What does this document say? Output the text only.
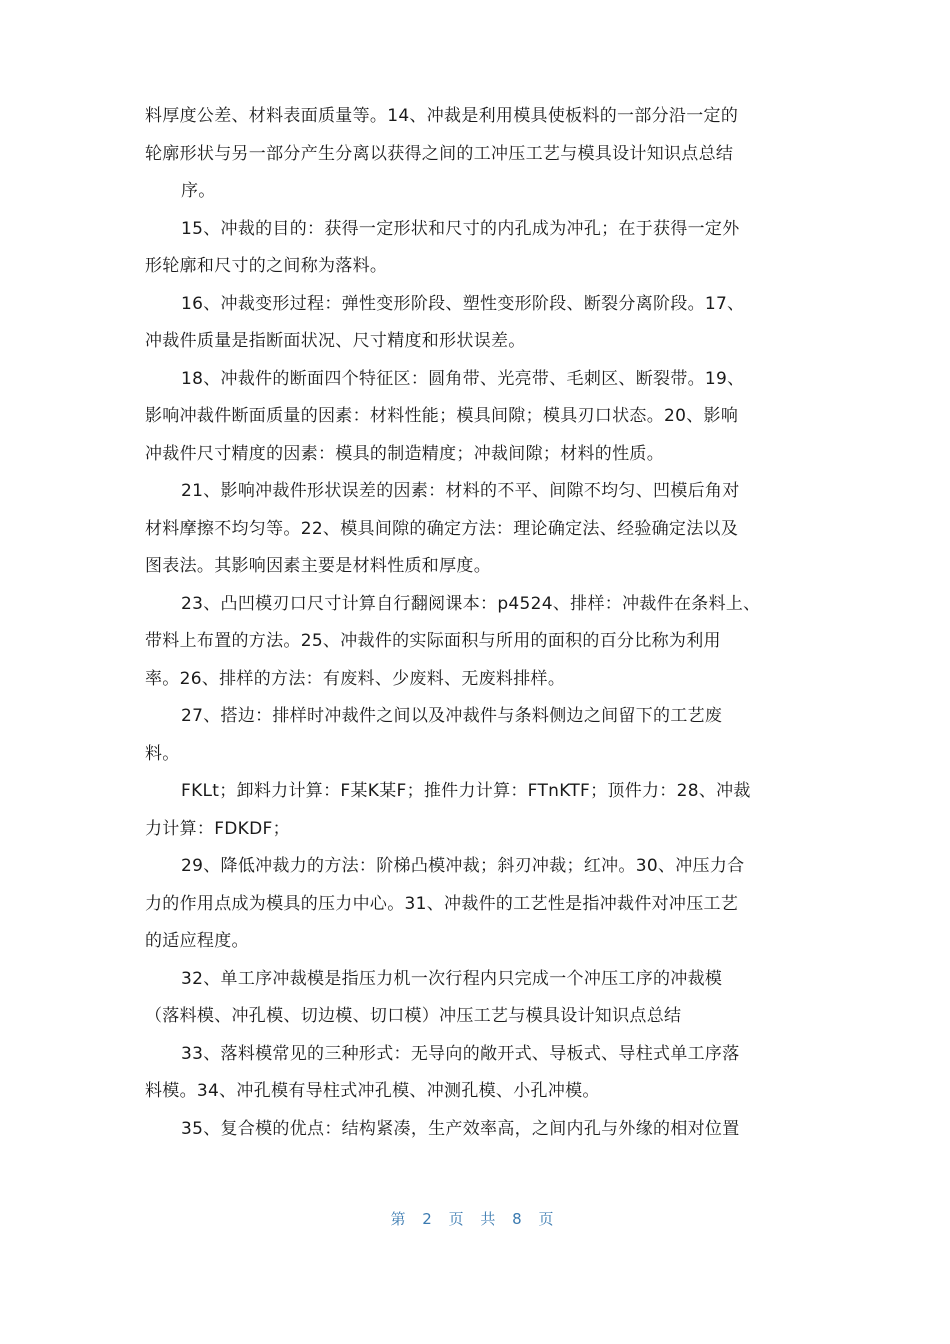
料厚度公差、材料表面质量等。14、冲裁是利用模具使板料的一部分沿一定的
轮廓形状与另一部分产生分离以获得之间的工冲压工艺与模具设计知识点总结
序。
15、冲裁的目的：获得一定形状和尺寸的内孔成为冲孔；在于获得一定外
形轮廓和尺寸的之间称为落料。
16、冲裁变形过程：弹性变形阶段、塑性变形阶段、断裂分离阶段。17、
冲裁件质量是指断面状况、尺寸精度和形状误差。
18、冲裁件的断面四个特征区：圆角带、光亮带、毛刺区、断裂带。19、
影响冲裁件断面质量的因素：材料性能；模具间隙；模具刃口状态。20、影响
冲裁件尺寸精度的因素：模具的制造精度；冲裁间隙；材料的性质。
21、影响冲裁件形状误差的因素：材料的不平、间隙不均匀、凹模后角对
材料摩擦不均匀等。22、模具间隙的确定方法：理论确定法、经验确定法以及
图表法。其影响因素主要是材料性质和厚度。
23、凸凹模刃口尺寸计算自行翻阅课本：p4524、排样：冲裁件在条料上、
带料上布置的方法。25、冲裁件的实际面积与所用的面积的百分比称为利用
率。26、排样的方法：有废料、少废料、无废料排样。
27、搭边：排样时冲裁件之间以及冲裁件与条料侧边之间留下的工艺废
料。
FKLt；卸料力计算：F某K某F；推件力计算：FTnKTF；顶件力：28、冲裁
力计算：FDKDF；
29、降低冲裁力的方法：阶梯凸模冲裁；斜刃冲裁；红冲。30、冲压力合
力的作用点成为模具的压力中心。31、冲裁件的工艺性是指冲裁件对冲压工艺
的适应程度。
32、单工序冲裁模是指压力机一次行程内只完成一个冲压工序的冲裁模
（落料模、冲孔模、切边模、切口模）冲压工艺与模具设计知识点总结
33、落料模常见的三种形式：无导向的敞开式、导板式、导柱式单工序落
料模。34、冲孔模有导柱式冲孔模、冲测孔模、小孔冲模。
35、复合模的优点：结构紧凑，生产效率高，之间内孔与外缘的相对位置
第 2 页 共 8 页
